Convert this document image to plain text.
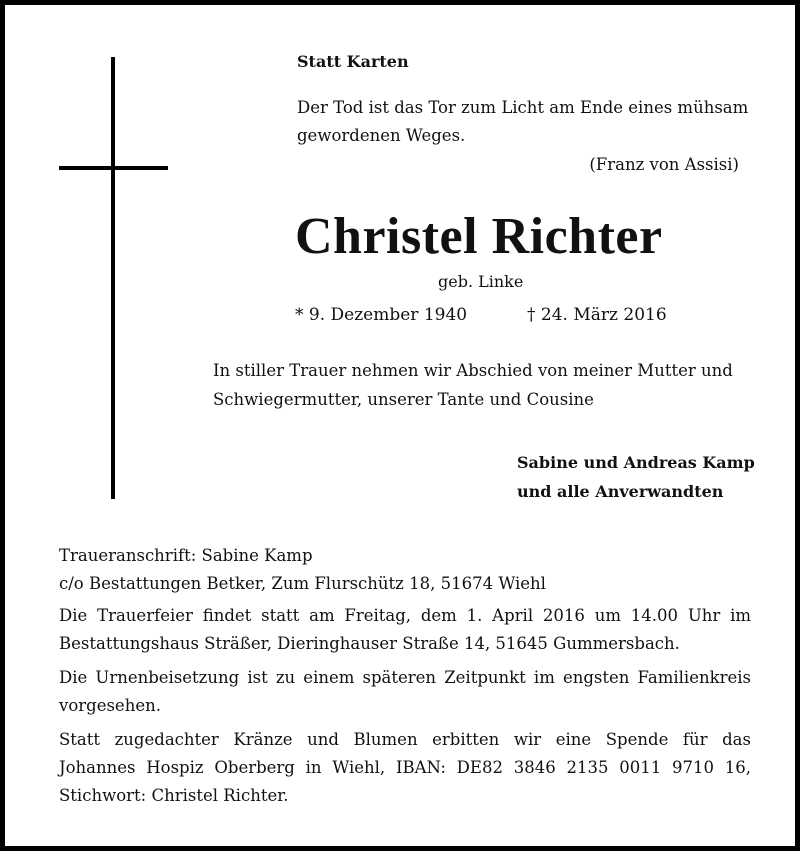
Statt Karten

Der Tod ist das Tor zum Licht am Ende eines mühsam

gewordenen Weges.

(Franz von Assisi)

Christel Richter

geb. Linke

* 9. Dezember 1940	† 24. März 2016

In stiller Trauer nehmen wir Abschied von meiner Mutter und

Schwiegermutter, unserer Tante und Cousine

Sabine und Andreas Kamp

und alle Anverwandten

Traueranschrift: Sabine Kamp

c/o Bestattungen Betker, Zum Flurschütz 18, 51674 Wiehl

Die Trauerfeier findet statt am Freitag, dem 1. April 2016 um 14.00 Uhr im
Bestattungshaus Sträßer, Dieringhauser Straße 14, 51645 Gummersbach.

Die Urnenbeisetzung ist zu einem späteren Zeitpunkt im engsten Familienkreis
vorgesehen.

Statt zugedachter Kränze und Blumen erbitten wir eine Spende für das
Johannes Hospiz Oberberg in Wiehl, IBAN: DE82 3846 2135 0011 9710 16,
Stichwort: Christel Richter.
